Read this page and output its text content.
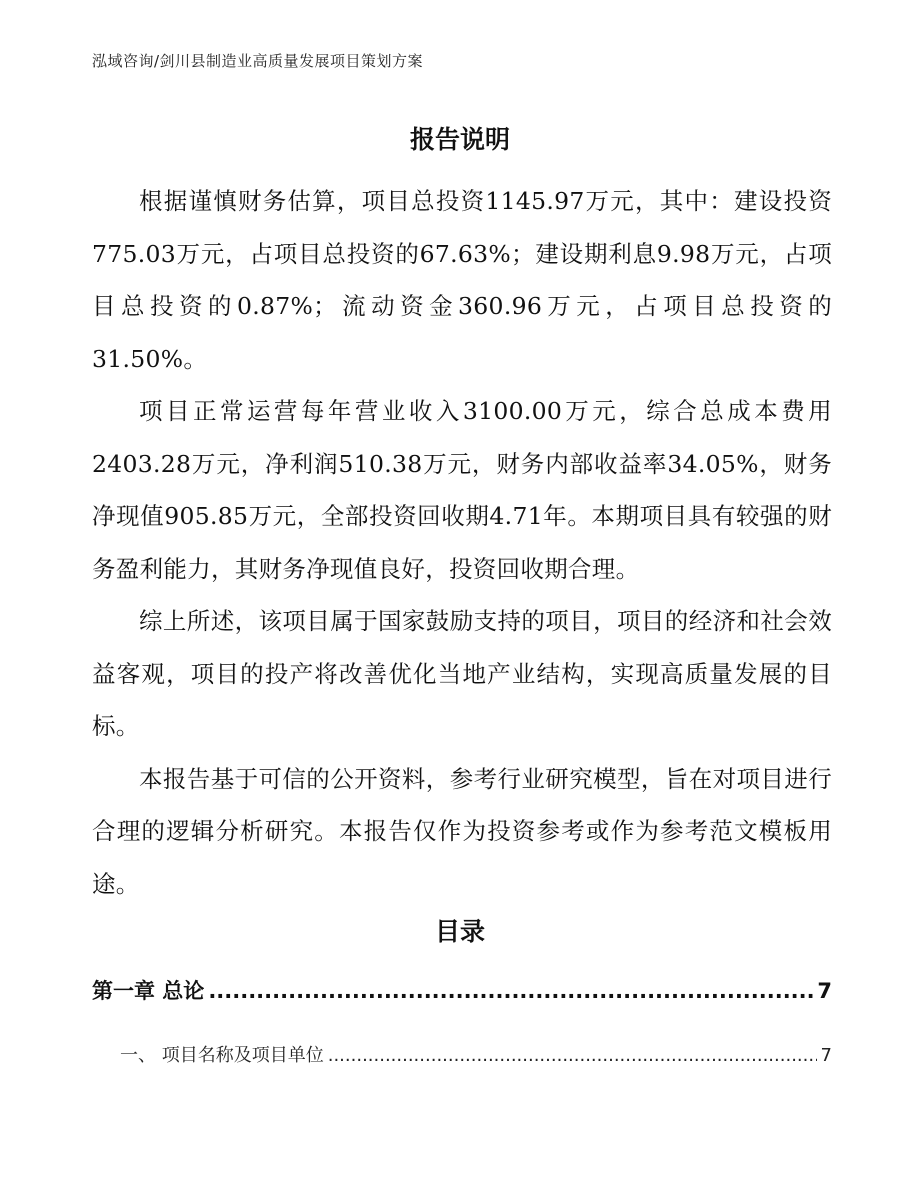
泓域咨询/剑川县制造业高质量发展项目策划方案
报告说明

根据谨慎财务估算，项目总投资1145.97万元，其中：建设投资775.03万元，占项目总投资的67.63%；建设期利息9.98万元，占项目总投资的0.87%；流动资金360.96万元，占项目总投资的31.50%。

项目正常运营每年营业收入3100.00万元，综合总成本费用2403.28万元，净利润510.38万元，财务内部收益率34.05%，财务净现值905.85万元，全部投资回收期4.71年。本期项目具有较强的财务盈利能力，其财务净现值良好，投资回收期合理。

综上所述，该项目属于国家鼓励支持的项目，项目的经济和社会效益客观，项目的投产将改善优化当地产业结构，实现高质量发展的目标。

本报告基于可信的公开资料，参考行业研究模型，旨在对项目进行合理的逻辑分析研究。本报告仅作为投资参考或作为参考范文模板用途。

目录
第一章 总论 .....	7
一、 项目名称及项目单位 .....	7
